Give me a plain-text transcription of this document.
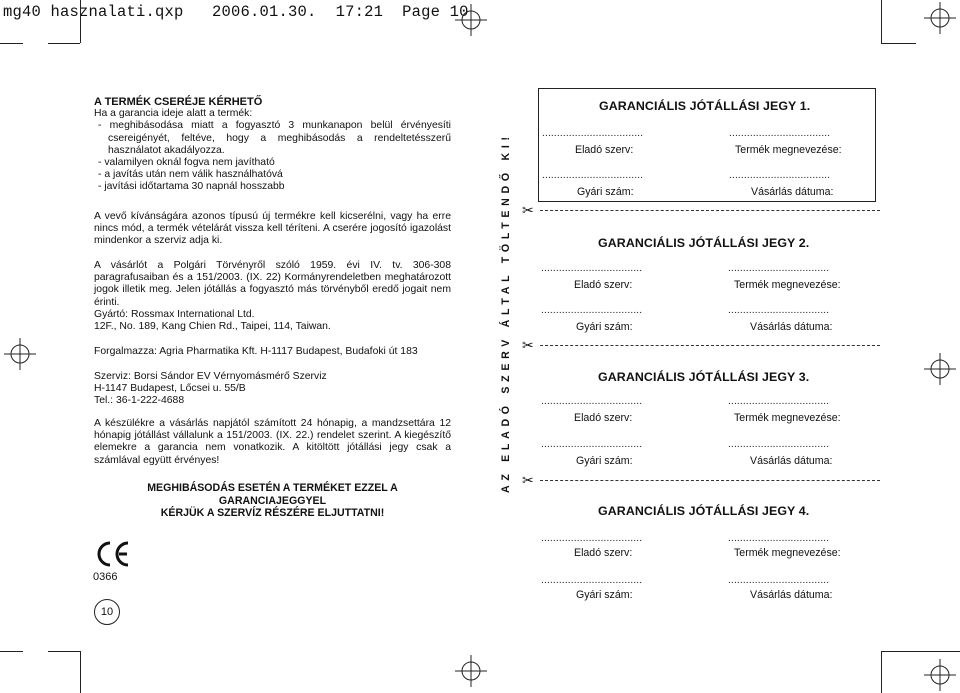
mg40 hasznalati.qxp 2006.01.30. 17:21 Page 10

A TERMÉK CSERÉJE KÉRHETŐ

Ha a garancia ideje alatt a termék:

- meghibásodása miatt a fogyasztó 3 munkanapon belül érvényesíti csereigényét, feltéve, hogy a meghibásodás a rendeltetésszerű használatot akadályozza.

- valamilyen oknál fogva nem javítható

- a javítás után nem válik használhatóvá

- javítási időtartama 30 napnál hosszabb

A vevő kívánságára azonos típusú új termékre kell kicserélni, vagy ha erre nincs mód, a termék vételárát vissza kell téríteni. A cserére jogosító igazolást mindenkor a szerviz adja ki.
A vásárlót a Polgári Törvényről szóló 1959. évi IV. tv. 306-308 paragrafusaiban és a 151/2003. (IX. 22) Kormányrendeletben meghatározott jogok illetik meg. Jelen jótállás a fogyasztó más törvényből eredő jogait nem érinti.

Gyártó: Rossmax International Ltd.

12F., No. 189, Kang Chien Rd., Taipei, 114, Taiwan.

Forgalmazza: Agria Pharmatika Kft. H-1117 Budapest, Budafoki út 183

Szerviz: Borsi Sándor EV Vérnyomásmérő Szerviz

H-1147 Budapest, Lőcsei u. 55/B

Tel.: 36-1-222-4688

A készülékre a vásárlás napjától számított 24 hónapig, a mandzsettára 12 hónapig jótállást vállalunk a 151/2003. (IX. 22.) rendelet szerint. A kiegészítő elemekre a garancia nem vonatkozik. A kitöltött jótállási jegy csak a számlával együtt érvényes!

MEGHIBÁSODÁS ESETÉN A TERMÉKET EZZEL A GARANCIAJEGGYEL

KÉRJÜK A SZERVÍZ RÉSZÉRE ELJUTTATNI!

0366
10
AZ ELADÓ SZERV ÁLTAL TÖLTENDŐ KI!
GARANCIÁLIS JÓTÁLLÁSI JEGY 1.
..................................	..................................
Eladó szerv:	Termék megnevezése:
..................................	..................................
Gyári szám:	Vásárlás dátuma:
✂
GARANCIÁLIS JÓTÁLLÁSI JEGY 2.
..................................	..................................
Eladó szerv:	Termék megnevezése:
..................................	..................................
Gyári szám:	Vásárlás dátuma:
✂
GARANCIÁLIS JÓTÁLLÁSI JEGY 3.
..................................	..................................
Eladó szerv:	Termék megnevezése:
..................................	..................................
Gyári szám:	Vásárlás dátuma:
✂
GARANCIÁLIS JÓTÁLLÁSI JEGY 4.
..................................	..................................
Eladó szerv:	Termék megnevezése:
..................................	..................................
Gyári szám:	Vásárlás dátuma:
